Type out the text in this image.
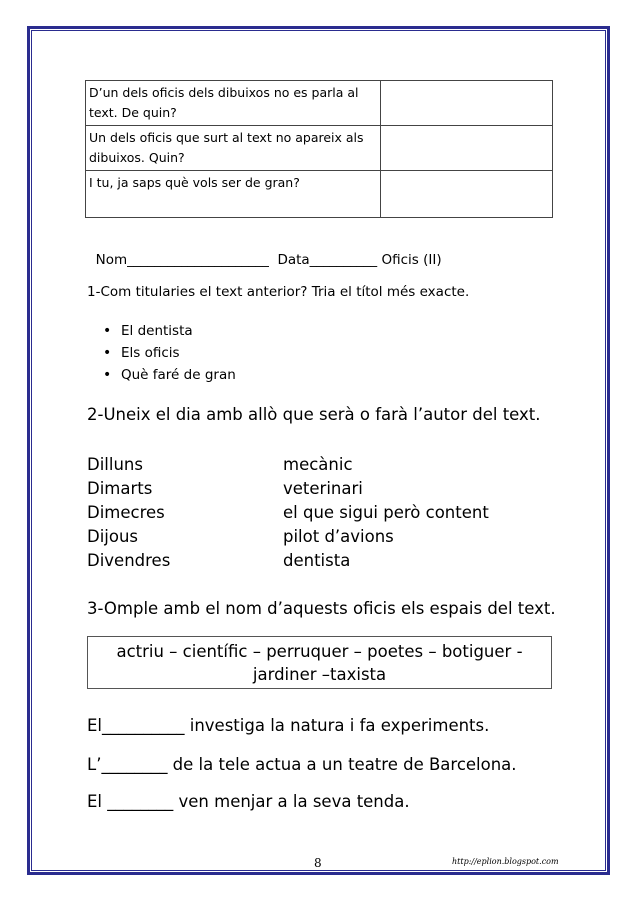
D’un dels oficis dels dibuixos no es parla al text. De quin?	
Un dels oficis que surt al text no apareix als dibuixos. Quin?	
I tu, ja saps què vols ser de gran?	

Nom_____________________ Data__________ Oficis (II)

1-Com titularies el text anterior? Tria el títol més exacte.
• El dentista
• Els oficis
• Què faré de gran
2-Uneix el dia amb allò que serà o farà l’autor del text.
Dilluns	mecànic
Dimarts	veterinari
Dimecres	el que sigui però content
Dijous	pilot d’avions
Divendres	dentista
3-Omple amb el nom d’aquests oficis els espais del text.
actriu – científic – perruquer – poetes – botiguer -
jardiner –taxista
El__________ investiga la natura i fa experiments.
L’________ de la tele actua a un teatre de Barcelona.
El ________ ven menjar a la seva tenda.
8	http://eplion.blogspot.com
